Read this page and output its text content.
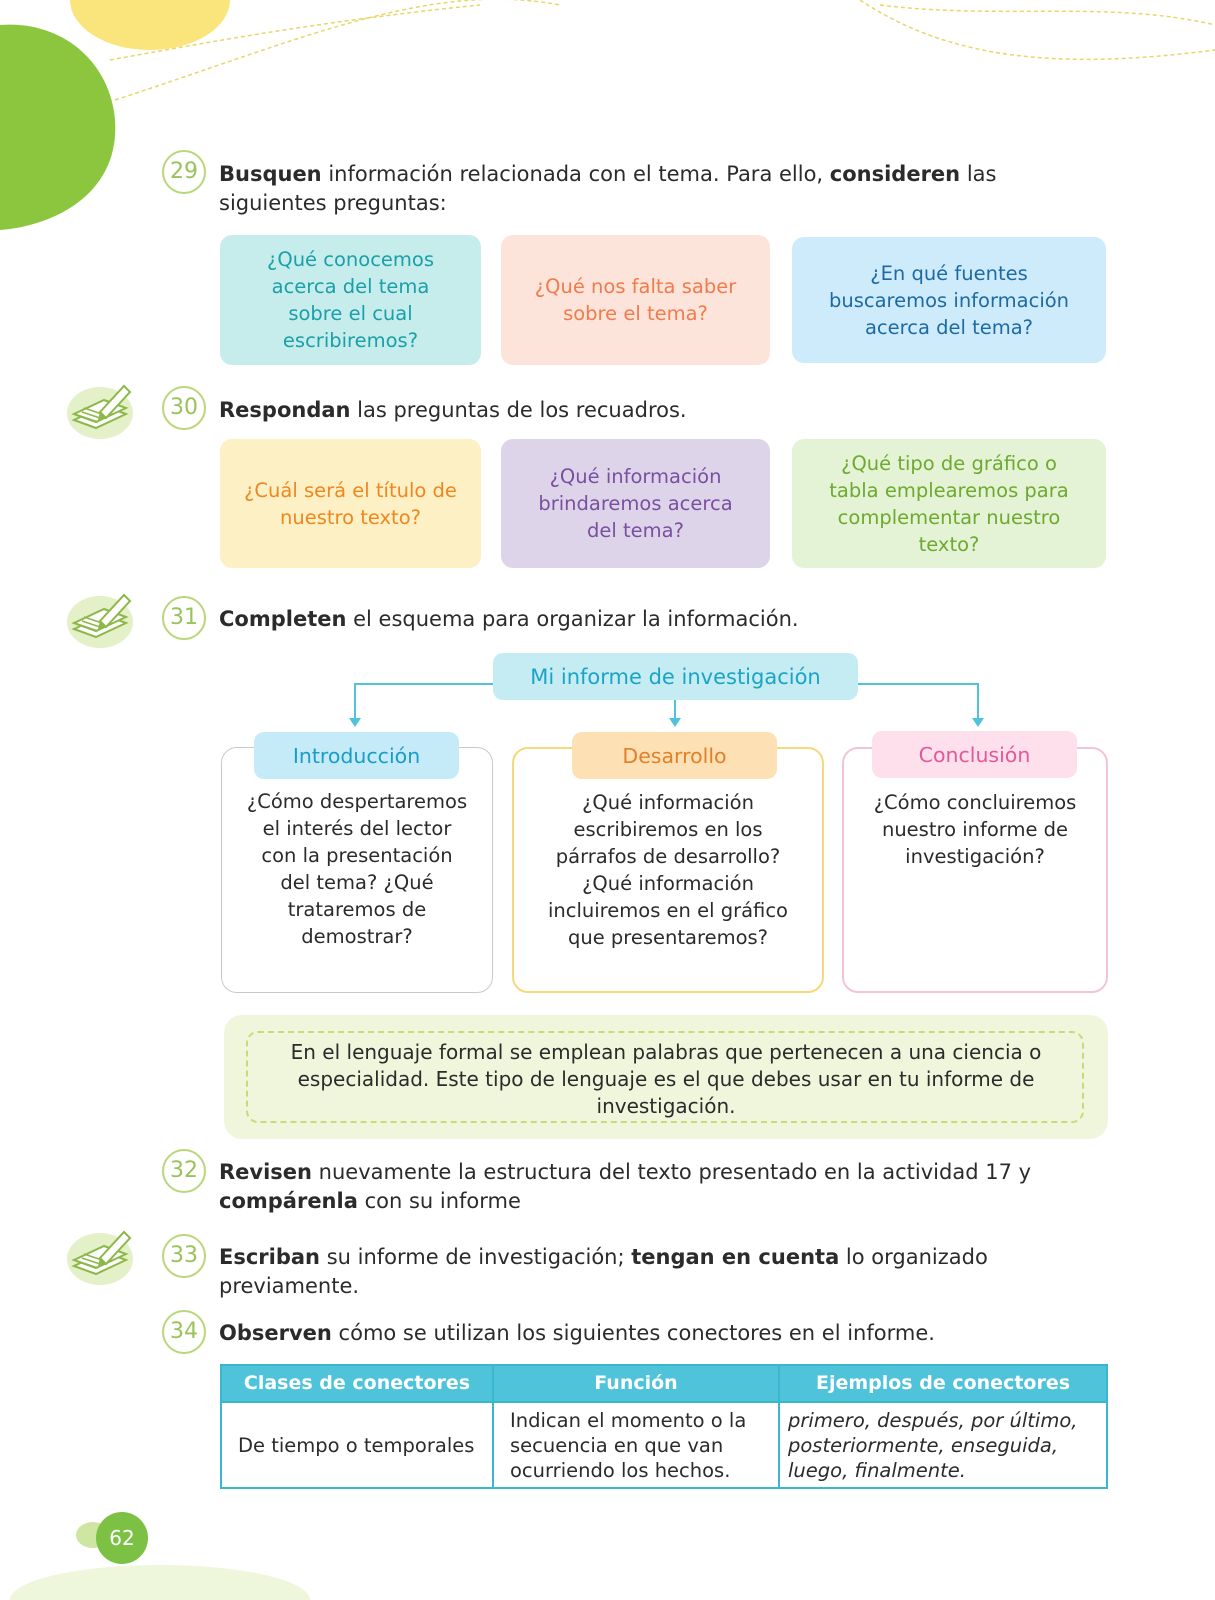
29	Busquen información relacionada con el tema. Para ello, consideren las siguientes preguntas:
¿Qué conocemos acerca del tema sobre el cual escribiremos?
¿Qué nos falta saber sobre el tema?
¿En qué fuentes buscaremos información acerca del tema?
30	Respondan las preguntas de los recuadros.
¿Cuál será el título de nuestro texto?
¿Qué información brindaremos acerca del tema?
¿Qué tipo de gráfico o tabla emplearemos para complementar nuestro texto?
31	Completen el esquema para organizar la información.
Mi informe de investigación
¿Cómo despertaremos el interés del lector con la presentación del tema? ¿Qué trataremos de demostrar?
Introducción
¿Qué información escribiremos en los párrafos de desarrollo? ¿Qué información incluiremos en el gráfico que presentaremos?
Desarrollo
¿Cómo concluiremos nuestro informe de investigación?
Conclusión
En el lenguaje formal se emplean palabras que pertenecen a una ciencia o especialidad. Este tipo de lenguaje es el que debes usar en tu informe de investigación.
32	Revisen nuevamente la estructura del texto presentado en la actividad 17 y compárenla con su informe
33	Escriban su informe de investigación; tengan en cuenta lo organizado previamente.
34	Observen cómo se utilizan los siguientes conectores en el informe.
Clases de conectores	Función	Ejemplos de conectores
De tiempo o temporales	Indican el momento o la secuencia en que van ocurriendo los hechos.	primero, después, por último, posteriormente, enseguida, luego, finalmente.
62
